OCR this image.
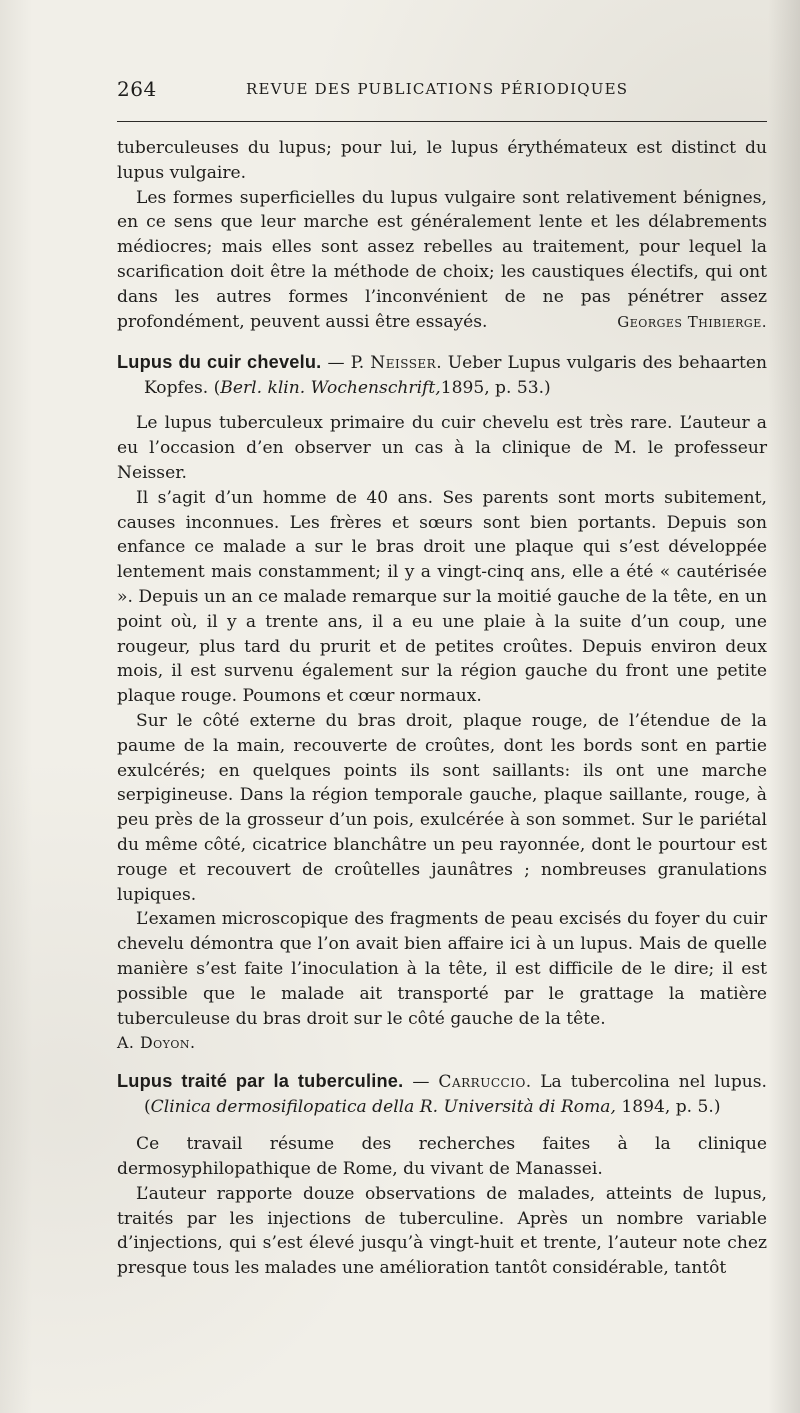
264	REVUE DES PUBLICATIONS PÉRIODIQUES

tuberculeuses du lupus; pour lui, le lupus érythémateux est distinct du lupus vulgaire.

Les formes superficielles du lupus vulgaire sont relativement bénignes, en ce sens que leur marche est généralement lente et les délabrements médiocres; mais elles sont assez rebelles au traitement, pour lequel la scarification doit être la méthode de choix; les caustiques électifs, qui ont dans les autres formes l’inconvénient de ne pas pénétrer assez profondément, peuvent aussi être essayés.	Georges Thibierge.

Lupus du cuir chevelu. — P. Neisser. Ueber Lupus vulgaris des behaarten Kopfes. (Berl. klin. Wochenschrift,1895, p. 53.)

Le lupus tuberculeux primaire du cuir chevelu est très rare. L’auteur a eu l’occasion d’en observer un cas à la clinique de M. le professeur Neisser.

Il s’agit d’un homme de 40 ans. Ses parents sont morts subitement, causes inconnues. Les frères et sœurs sont bien portants. Depuis son enfance ce malade a sur le bras droit une plaque qui s’est développée lentement mais constamment; il y a vingt-cinq ans, elle a été « cautérisée ». Depuis un an ce malade remarque sur la moitié gauche de la tête, en un point où, il y a trente ans, il a eu une plaie à la suite d’un coup, une rougeur, plus tard du prurit et de petites croûtes. Depuis environ deux mois, il est survenu également sur la région gauche du front une petite plaque rouge. Poumons et cœur normaux.

Sur le côté externe du bras droit, plaque rouge, de l’étendue de la paume de la main, recouverte de croûtes, dont les bords sont en partie exulcérés; en quelques points ils sont saillants: ils ont une marche serpigineuse. Dans la région temporale gauche, plaque saillante, rouge, à peu près de la grosseur d’un pois, exulcérée à son sommet. Sur le pariétal du même côté, cicatrice blanchâtre un peu rayonnée, dont le pourtour est rouge et recouvert de croûtelles jaunâtres ; nombreuses granulations lupiques.

L’examen microscopique des fragments de peau excisés du foyer du cuir chevelu démontra que l’on avait bien affaire ici à un lupus. Mais de quelle manière s’est faite l’inoculation à la tête, il est difficile de le dire; il est possible que le malade ait transporté par le grattage la matière tuberculeuse du bras droit sur le côté gauche de la tête.

A. Doyon.

Lupus traité par la tuberculine. — Carruccio. La tubercolina nel lupus. (Clinica dermosifilopatica della R. Università di Roma, 1894, p. 5.)

Ce travail résume des recherches faites à la clinique dermosyphilopathique de Rome, du vivant de Manassei.

L’auteur rapporte douze observations de malades, atteints de lupus, traités par les injections de tuberculine. Après un nombre variable d’injections, qui s’est élevé jusqu’à vingt-huit et trente, l’auteur note chez presque tous les malades une amélioration tantôt considérable, tantôt
